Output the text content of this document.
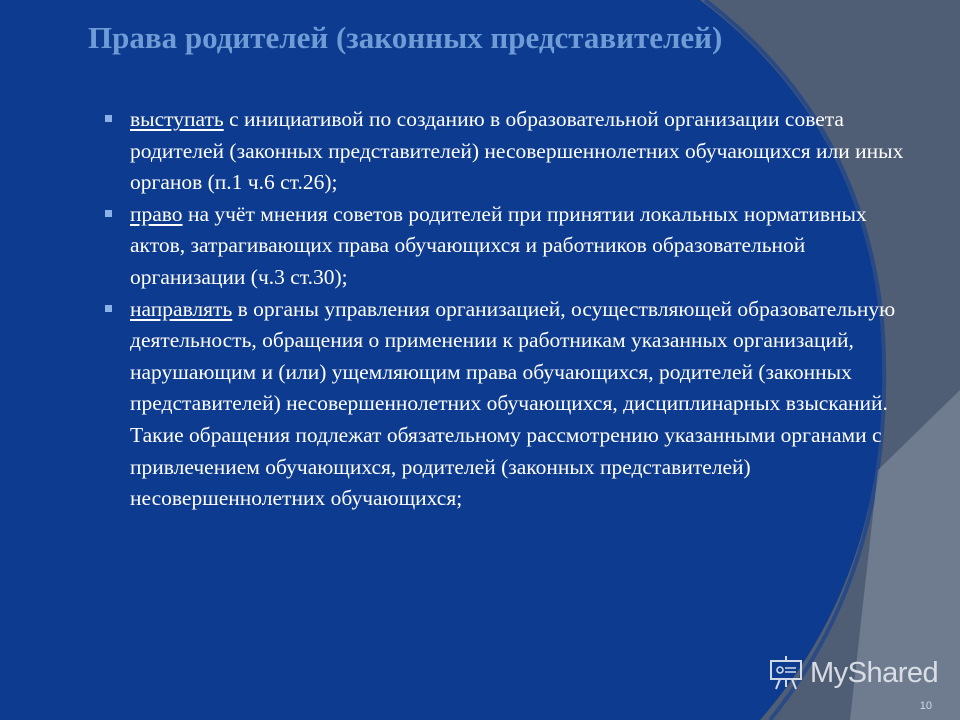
Права родителей (законных представителей)
выступать с инициативой по созданию в образовательной организации совета родителей (законных представителей) несовершеннолетних обучающихся или иных органов (п.1 ч.6 ст.26);
право на учёт мнения советов родителей при принятии локальных нормативных актов, затрагивающих права обучающихся и работников образовательной организации (ч.3 ст.30);
направлять в органы управления организацией, осуществляющей образовательную деятельность, обращения о применении к работникам указанных организаций, нарушающим и (или) ущемляющим права обучающихся, родителей (законных представителей) несовершеннолетних обучающихся, дисциплинарных взысканий. Такие обращения подлежат обязательному рассмотрению указанными органами с привлечением обучающихся, родителей (законных представителей) несовершеннолетних обучающихся;
MyShared
10
